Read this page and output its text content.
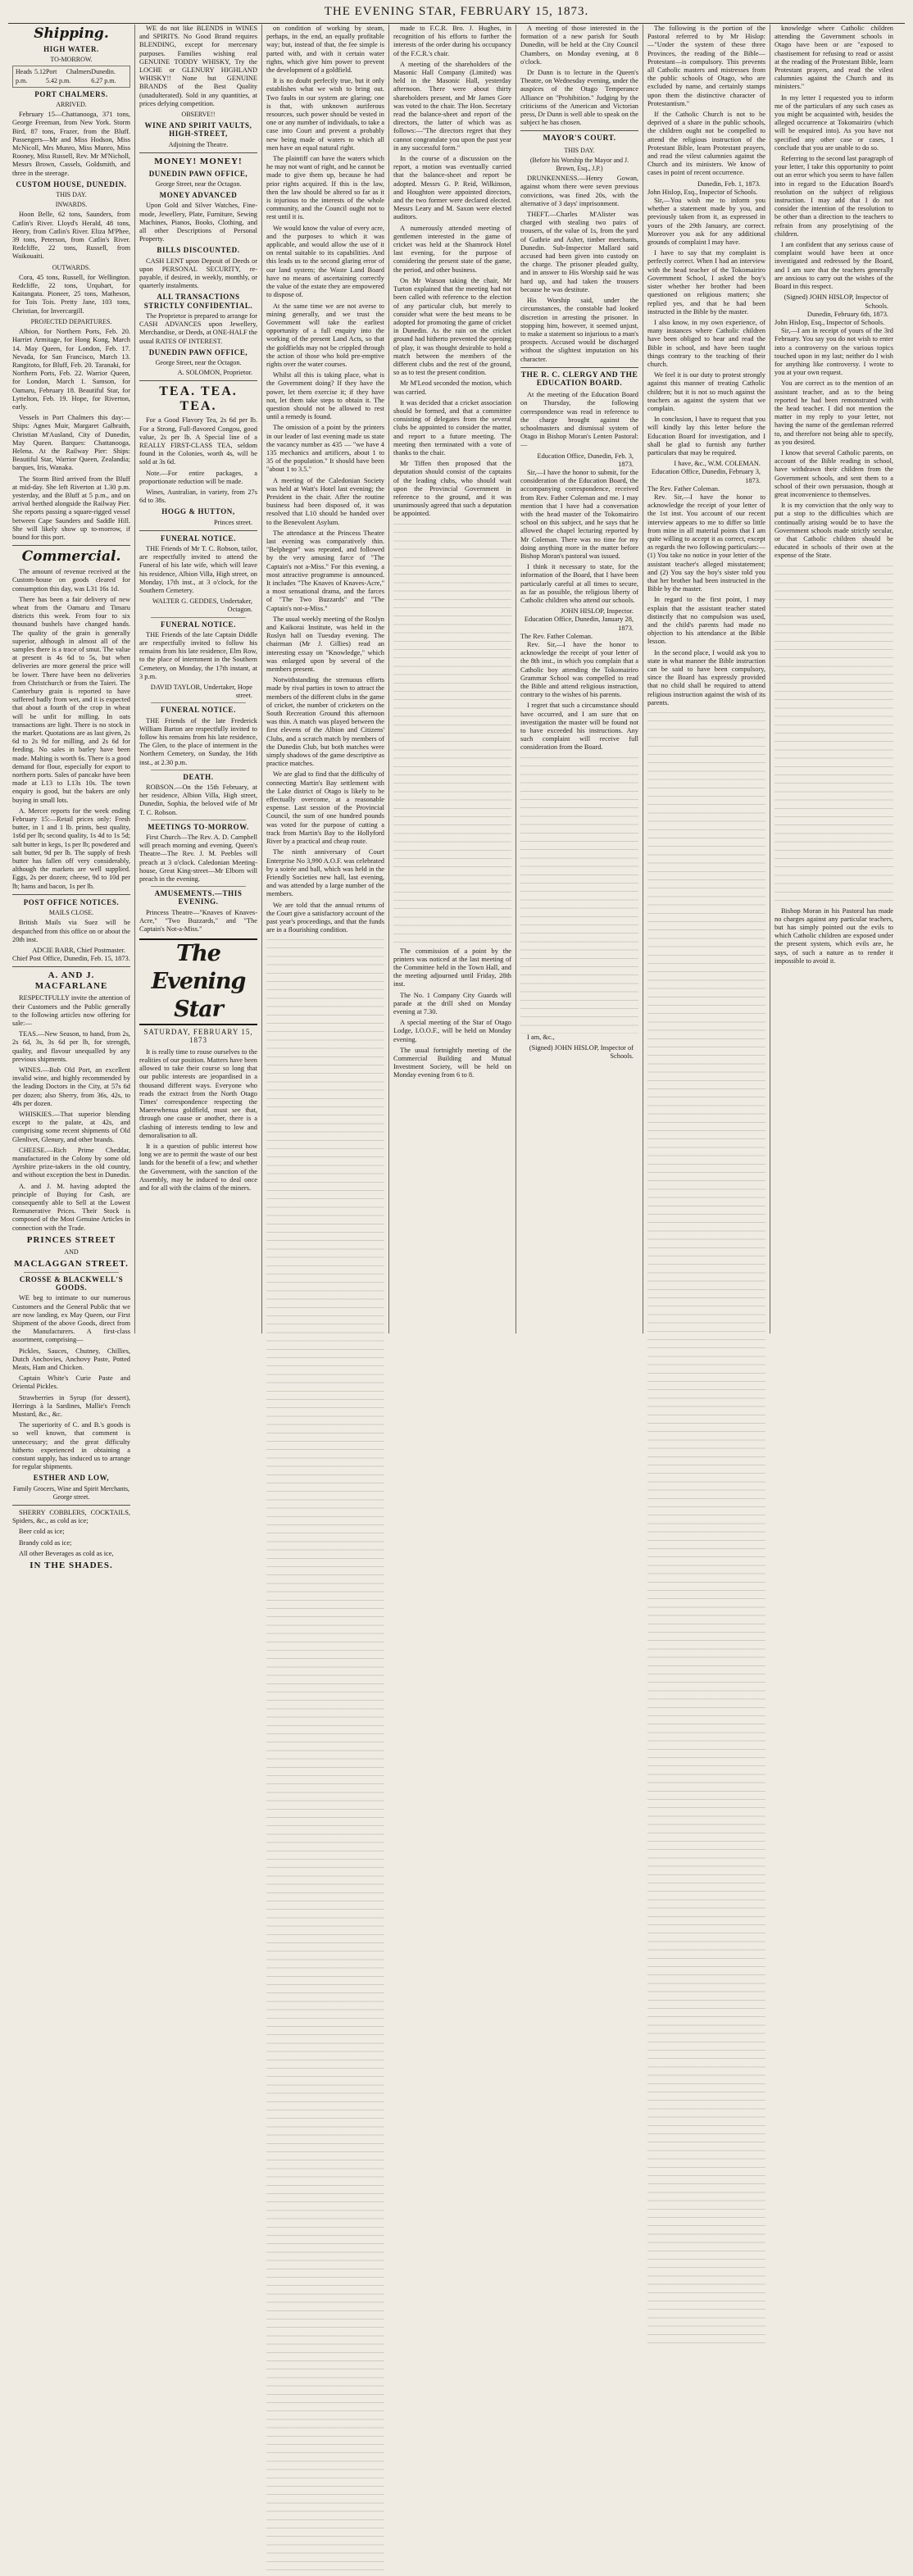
THE EVENING STAR, FEBRUARY 15, 1873.
Shipping.
HIGH WATER.
TO-MORROW.
Heads 5.12 p.m.
Port Chalmers 5.42 p.m.
Dunedin. 6.27 p.m.
PORT CHALMERS.
ARRIVED.

February 15—Chattanooga, 371 tons, George Freeman, from New York. Storm Bird, 87 tons, Frazer, from the Bluff. Passengers—Mr and Miss Hodson, Miss McNicoll, Mrs Munro, Miss Munro, Miss Rooney, Miss Russell, Rev. Mr M'Nicholl, Messrs Brown, Cassels, Goldsmith, and three in the steerage.

CUSTOM HOUSE, DUNEDIN.
THIS DAY.
INWARDS.

Hoon Belle, 62 tons, Saunders, from Catlin's River. Lloyd's Herald, 48 tons, Henry, from Catlin's River. Eliza M'Phee, 39 tons, Peterson, from Catlin's River. Redcliffe, 22 tons, Russell, from Waikouaiti.

OUTWARDS.

Cora, 45 tons, Russell, for Wellington. Redcliffe, 22 tons, Urquhart, for Kaitangata. Pioneer, 25 tons, Matheson, for Tois Tois. Pretty Jane, 103 tons, Christian, for Invercargill.

PROJECTED DEPARTURES.

Albion, for Northern Ports, Feb. 20. Harriet Armitage, for Hong Kong, March 14. May Queen, for London, Feb. 17. Nevada, for San Francisco, March 13. Rangitoto, for Bluff, Feb. 20. Taranaki, for Northern Ports, Feb. 22. Warrior Queen, for London, March 1. Samson, for Oamaru, February 18. Beautiful Star, for Lyttelton, Feb. 19. Hope, for Riverton, early.

Vessels in Port Chalmers this day:—Ships: Agnes Muir, Margaret Galbraith, Christian M'Ausland, City of Dunedin, May Queen. Barques: Chattanooga, Helena. At the Railway Pier: Ships: Beautiful Star, Warrior Queen, Zealandia; barques, Iris, Wanaka.

The Storm Bird arrived from the Bluff at mid-day. She left Riverton at 1.30 p.m. yesterday, and the Bluff at 5 p.m., and on arrival berthed alongside the Railway Pier. She reports passing a square-rigged vessel between Cape Saunders and Saddle Hill. She will likely show up to-morrow, if bound for this port.

Commercial.

The amount of revenue received at the Custom-house on goods cleared for consumption this day, was L31 16s 1d.

There has been a fair delivery of new wheat from the Oamaru and Timaru districts this week. From four to six thousand bushels have changed hands. The quality of the grain is generally superior, although in almost all of the samples there is a trace of smut. The value at present is 4s 6d to 5s, but when deliveries are more general the price will be lower. There have been no deliveries from Christchurch or from the Taieri. The Canterbury grain is reported to have suffered badly from wet, and it is expected that about a fourth of the crop in wheat will be unfit for milling. In oats transactions are light. There is no stock in the market. Quotations are as last given, 2s 6d to 2s 9d for milling, and 2s 6d for feeding. No sales in barley have been made. Malting is worth 6s. There is a good demand for flour, especially for export to northern ports. Sales of pancake have been made at L13 to L13s 10s. The town enquiry is good, but the bakers are only buying in small lots.

A. Mercer reports for the week ending February 15:—Retail prices only: Fresh butter, in 1 and 1 lb. prints, best quality, 1s6d per lb; second quality, 1s 4d to 1s 5d; salt butter in kegs, 1s per lb; powdered and salt butter, 9d per lb. The supply of fresh butter has fallen off very considerably, although the markets are well supplied. Eggs, 2s per dozen; cheese, 9d to 10d per lb; hams and bacon, 1s per lb.

POST OFFICE NOTICES.
MAILS CLOSE.

British Mails via Suez will be despatched from this office on or about the 20th inst.

ADCIE BARR, Chief Postmaster.
Chief Post Office, Dunedin, Feb. 15, 1873.
A. AND J. MACFARLANE

RESPECTFULLY invite the attention of their Customers and the Public generally to the following articles now offering for sale:—

TEAS.—New Season, to hand, from 2s, 2s 6d, 3s, 3s 6d per lb, for strength, quality, and flavour unequalled by any previous shipments.

WINES.—Bob Old Port, an excellent invalid wine, and highly recommended by the leading Doctors in the City, at 57s 6d per dozen; also Sherry, from 36s, 42s, to 48s per dozen.

WHISKIES.—That superior blending except to the palate, at 42s, and comprising some recent shipments of Old Glenlivet, Glenury, and other brands.

CHEESE.—Rich Prime Cheddar, manufactured in the Colony by some old Ayrshire prize-takers in the old country, and without exception the best in Dunedin.

A. and J. M. having adopted the principle of Buying for Cash, are consequently able to Sell at the Lowest Remunerative Prices. Their Stock is composed of the Most Genuine Articles in connection with the Trade.

PRINCES STREET
AND
MACLAGGAN STREET.
CROSSE & BLACKWELL'S GOODS.

WE beg to intimate to our numerous Customers and the General Public that we are now landing, ex May Queen, our First Shipment of the above Goods, direct from the Manufacturers. A first-class assortment, comprising—

Pickles, Sauces, Chutney, Chillies, Dutch Anchovies, Anchovy Paste, Potted Meats, Ham and Chicken.

Captain White's Curie Paste and Oriental Pickles.

Strawberries in Syrup (for dessert), Herrings à la Sardines, Mallie's French Mustard, &c., &c.

The superiority of C. and B.'s goods is so well known, that comment is unnecessary; and the great difficulty hitherto experienced in obtaining a constant supply, has induced us to arrange for regular shipments.

ESTHER AND LOW,
Family Grocers, Wine and Spirit Merchants, George street.

SHERRY COBBLERS, COCKTAILS, Spiders, &c., as cold as ice;

Beer cold as ice;

Brandy cold as ice;

All other Beverages as cold as ice,

IN THE SHADES.

WE do not like BLENDS in WINES and SPIRITS. No Good Brand requires BLENDING, except for mercenary purposes. Families wishing real GENUINE TODDY WHISKY, Try the LOCHE or GLENURY HIGHLAND WHISKY!! None but GENUINE BRANDS of the Best Quality (unadulterated). Sold in any quantities, at prices defying competition.

OBSERVE!!
WINE AND SPIRIT VAULTS, HIGH-STREET,
Adjoining the Theatre.
MONEY! MONEY!
DUNEDIN PAWN OFFICE,
George Street, near the Octagon.
MONEY ADVANCED

Upon Gold and Silver Watches, Fine-mode, Jewellery, Plate, Furniture, Sewing Machines, Pianos, Books, Clothing, and all other Descriptions of Personal Property.

BILLS DISCOUNTED.

CASH LENT upon Deposit of Deeds or upon PERSONAL SECURITY, re-payable, if desired, in weekly, monthly, or quarterly instalments.

ALL TRANSACTIONS STRICTLY CONFIDENTIAL.

The Proprietor is prepared to arrange for CASH ADVANCES upon Jewellery, Merchandise, or Deeds, at ONE-HALF the usual RATES OF INTEREST.

DUNEDIN PAWN OFFICE,
George Street, near the Octagon.
A. SOLOMON, Proprietor.
TEA. TEA. TEA.

For a Good Flavory Tea, 2s 6d per lb. For a Strong, Full-flavored Congou, good value, 2s per lb. A Special line of a REALLY FIRST-CLASS TEA, seldom found in the Colonies, worth 4s, will be sold at 3s 6d.

Note.—For entire packages, a proportionate reduction will be made.

Wines, Australian, in variety, from 27s 6d to 38s.

HOGG & HUTTON,
Princes street.
FUNERAL NOTICE.

THE Friends of Mr T. C. Robson, tailor, are respectfully invited to attend the Funeral of his late wife, which will leave his residence, Albion Villa, High street, on Monday, 17th inst., at 3 o'clock, for the Southern Cemetery.

WALTER G. GEDDES, Undertaker, Octagon.
FUNERAL NOTICE.

THE Friends of the late Captain Diddle are respectfully invited to follow his remains from his late residence, Elm Row, to the place of internment in the Southern Cemetery, on Monday, the 17th instant, at 3 p.m.

DAVID TAYLOR, Undertaker, Hope street.
FUNERAL NOTICE.

THE Friends of the late Frederick William Barton are respectfully invited to follow his remains from his late residence, The Glen, to the place of interment in the Northern Cemetery, on Sunday, the 16th inst., at 2.30 p.m.

DEATH.

ROBSON.—On the 15th February, at her residence, Albion Villa, High street, Dunedin, Sophia, the beloved wife of Mr T. C. Robson.

MEETINGS TO-MORROW.

First Church—The Rev. A. D. Campbell will preach morning and evening. Queen's Theatre—The Rev. J. M. Peebles will preach at 3 o'clock. Caledonian Meeting-house, Great King-street—Mr Elborn will preach in the evening.

AMUSEMENTS.—THIS EVENING.

Princess Theatre—"Knaves of Knaves-Acre," "Two Buzzards," and "The Captain's Not-a-Miss."

The Evening Star
SATURDAY, FEBRUARY 15, 1873

It is really time to rouse ourselves to the realities of our position. Matters have been allowed to take their course so long that our public interests are jeopardised in a thousand different ways. Everyone who reads the extract from the North Otago Times' correspondence respecting the Maerewhenua goldfield, must see that, through one cause or another, there is a clashing of interests tending to low and demoralisation to all.

It is a question of public interest how long we are to permit the waste of our best lands for the benefit of a few; and whether the Government, with the sanction of the Assembly, may be induced to deal once and for all with the claims of the miners.

on condition of working by steam, perhaps, in the end, an equally profitable way; but, instead of that, the fee simple is parted with, and with it certain water rights, which give him power to prevent the development of a goldfield.

It is no doubt perfectly true, but it only establishes what we wish to bring out. Two faults in our system are glaring; one is that, with unknown auriferous resources, such power should be vested in one or any number of individuals, to take a case into Court and prevent a probably new being made of waters to which all men have an equal natural right.

The plaintiff can have the waters which he may not want of right, and he cannot be made to give them up, because he had prior rights acquired. If this is the law, then the law should be altered so far as it is injurious to the interests of the whole community, and the Council ought not to rest until it is.

We would know the value of every acre, and the purposes to which it was applicable, and would allow the use of it on rental suitable to its capabilities. And this leads us to the second glaring error of our land system; the Waste Land Board have no means of ascertaining correctly the value of the estate they are empowered to dispose of.

At the same time we are not averse to mining generally, and we trust the Government will take the earliest opportunity of a full enquiry into the working of the present Land Acts, so that the goldfields may not be crippled through the action of those who hold pre-emptive rights over the water courses.

Whilst all this is taking place, what is the Government doing? If they have the power, let them exercise it; if they have not, let them take steps to obtain it. The question should not be allowed to rest until a remedy is found.

The omission of a point by the printers in our leader of last evening made us state the vacancy number as 435 — "we have 4 135 mechanics and artificers, about 1 to 35 of the population." It should have been "about 1 to 3.5."

A meeting of the Caledonian Society was held at Watt's Hotel last evening; the President in the chair. After the routine business had been disposed of, it was resolved that L10 should be handed over to the Benevolent Asylum.

The attendance at the Princess Theatre last evening was comparatively thin. "Belphegor" was repeated, and followed by the very amusing farce of "The Captain's not a-Miss." For this evening, a most attractive programme is announced. It includes "The Knaves of Knaves-Acre," a most sensational drama, and the farces of "The Two Buzzards" and "The Captain's not-a-Miss."

The usual weekly meeting of the Roslyn and Kaikorai Institute, was held in the Roslyn hall on Tuesday evening. The chairman (Mr J. Gillies) read an interesting essay on "Knowledge," which was enlarged upon by several of the members present.

Notwithstanding the strenuous efforts made by rival parties in town to attract the members of the different clubs in the game of cricket, the number of cricketers on the South Recreation Ground this afternoon was thin. A match was played between the first elevens of the Albion and Citizens' Clubs, and a scratch match by members of the Dunedin Club, but both matches were simply shadows of the game descriptive as practice matches.

We are glad to find that the difficulty of connecting Martin's Bay settlement with the Lake district of Otago is likely to be effectually overcome, at a reasonable expense. Last session of the Provincial Council, the sum of one hundred pounds was voted for the purpose of cutting a track from Martin's Bay to the Hollyford River by a practical and cheap route.

The ninth anniversary of Court Enterprise No 3,990 A.O.F. was celebrated by a soirée and ball, which was held in the Friendly Societies new hall, last evening, and was attended by a large number of the members.

We are told that the annual returns of the Court give a satisfactory account of the past year's proceedings, and that the funds are in a flourishing condition.

made to F.C.R. Bro. J. Hughes, in recognition of his efforts to further the interests of the order during his occupancy of the F.C.R.'s chair.

A meeting of the shareholders of the Masonic Hall Company (Limited) was held in the Masonic Hall, yesterday afternoon. There were about thirty shareholders present, and Mr James Gore was voted to the chair. The Hon. Secretary read the balance-sheet and report of the directors, the latter of which was as follows:—"The directors regret that they cannot congratulate you upon the past year in any successful form."

In the course of a discussion on the report, a motion was eventually carried that the balance-sheet and report be adopted. Messrs G. P. Reid, Wilkinson, and Houghton were appointed directors, and the two former were declared elected. Messrs Leary and M. Saxon were elected auditors.

A numerously attended meeting of gentlemen interested in the game of cricket was held at the Shamrock Hotel last evening, for the purpose of considering the present state of the game, the period, and other business.

On Mr Watson taking the chair, Mr Turton explained that the meeting had not been called with reference to the election of any particular club, but merely to consider what were the best means to be adopted for promoting the game of cricket in Dunedin. As the rain on the cricket ground had hitherto prevented the opening of play, it was thought desirable to hold a match between the members of the different clubs and the rest of the ground, so as to test the present condition.

Mr M'Leod seconded the motion, which was carried.

It was decided that a cricket association should be formed, and that a committee consisting of delegates from the several clubs be appointed to consider the matter, and report to a future meeting. The meeting then terminated with a vote of thanks to the chair.

Mr Tiffen then proposed that the deputation should consist of the captains of the leading clubs, who should wait upon the Provincial Government in reference to the ground, and it was unanimously agreed that such a deputation be appointed.

The commission of a point by the printers was noticed at the last meeting of the Committee held in the Town Hall, and the meeting adjourned until Friday, 28th inst.

The No. 1 Company City Guards will parade at the drill shed on Monday evening at 7.30.

A special meeting of the Star of Otago Lodge, I.O.O.F., will be held on Monday evening.

The usual fortnightly meeting of the Commercial Building and Mutual Investment Society, will be held on Monday evening from 6 to 8.

A meeting of those interested in the formation of a new parish for South Dunedin, will be held at the City Council Chambers, on Monday evening, at 8 o'clock.

Dr Dunn is to lecture in the Queen's Theatre, on Wednesday evening, under the auspices of the Otago Temperance Alliance on "Prohibition." Judging by the criticisms of the American and Victorian press, Dr Dunn is well able to speak on the subject he has chosen.

MAYOR'S COURT.
THIS DAY.
(Before his Worship the Mayor and J. Brown, Esq., J.P.)

DRUNKENNESS.—Henry Gowan, against whom there were seven previous convictions, was fined 20s, with the alternative of 3 days' imprisonment.

THEFT.—Charles M'Alister was charged with stealing two pairs of trousers, of the value of 1s, from the yard of Guthrie and Asher, timber merchants, Dunedin. Sub-Inspector Mallard said accused had been given into custody on the charge. The prisoner pleaded guilty, and in answer to His Worship said he was hard up, and had taken the trousers because he was destitute.

His Worship said, under the circumstances, the constable had looked discretion in arresting the prisoner. In stopping him, however, it seemed unjust, to make a statement so injurious to a man's prospects. Accused would be discharged without the slightest imputation on his character.

THE R. C. CLERGY AND THE EDUCATION BOARD.

At the meeting of the Education Board on Thursday, the following correspondence was read in reference to the charge brought against the schoolmasters and dismissal system of Otago in Bishop Moran's Lenten Pastoral:—

Education Office, Dunedin, Feb. 3, 1873.

Sir,—I have the honor to submit, for the consideration of the Education Board, the accompanying correspondence, received from Rev. Father Coleman and me. I may mention that I have had a conversation with the head master of the Tokomairiro school on this subject, and he says that he allowed the chapel lecturing reported by Mr Coleman. There was no time for my doing anything more in the matter before Bishop Moran's pastoral was issued.

I think it necessary to state, for the information of the Board, that I have been particularly careful at all times to secure, as far as possible, the religious liberty of Catholic children who attend our schools.

JOHN HISLOP, Inspector.
Education Office, Dunedin, January 28, 1873.
The Rev. Father Coleman.

Rev. Sir,—I have the honor to acknowledge the receipt of your letter of the 8th inst., in which you complain that a Catholic boy attending the Tokomairiro Grammar School was compelled to read the Bible and attend religious instruction, contrary to the wishes of his parents.

I regret that such a circumstance should have occurred, and I am sure that on investigation the master will be found not to have exceeded his instructions. Any such complaint will receive full consideration from the Board.

I am, &c.,

(Signed) JOHN HISLOP, Inspector of Schools.

The following is the portion of the Pastoral referred to by Mr Hislop:—"Under the system of these three Provinces, the reading of the Bible—Protestant—is compulsory. This prevents all Catholic masters and mistresses from the public schools of Otago, who are excluded by name, and certainly stamps upon them the distinctive character of Protestantism."

If the Catholic Church is not to be deprived of a share in the public schools, the children ought not be compelled to attend the religious instruction of the Protestant Bible, learn Protestant prayers, and read the vilest calumnies against the Church and its ministers. We know of cases in point of recent occurrence.

Dunedin, Feb. 1, 1873.
John Hislop, Esq., Inspector of Schools.

Sir,—You wish me to inform you whether a statement made by you, and previously taken from it, as expressed in yours of the 29th January, are correct. Moreover you ask for any additional grounds of complaint I may have.

I have to say that my complaint is perfectly correct. When I had an interview with the head teacher of the Tokomairiro Government School, I asked the boy's sister whether her brother had been questioned on religious matters; she replied yes, and that he had been instructed in the Bible by the master.

I also know, in my own experience, of many instances where Catholic children have been obliged to hear and read the Bible in school, and have been taught things contrary to the teaching of their church.

We feel it is our duty to protest strongly against this manner of treating Catholic children; but it is not so much against the teachers as against the system that we complain.

In conclusion, I have to request that you will kindly lay this letter before the Education Board for investigation, and I shall be glad to furnish any further particulars that may be required.

I have, &c., W.M. COLEMAN.
Education Office, Dunedin, February 3, 1873.
The Rev. Father Coleman.

Rev. Sir,—I have the honor to acknowledge the receipt of your letter of the 1st inst. You account of our recent interview appears to me to differ so little from mine in all material points that I am quite willing to accept it as correct, except as regards the two following particulars:—(1) You take no notice in your letter of the assistant teacher's alleged misstatement; and (2) You say the boy's sister told you that her brother had been instructed in the Bible by the master.

In regard to the first point, I may explain that the assistant teacher stated distinctly that no compulsion was used, and the child's parents had made no objection to his attendance at the Bible lesson.

In the second place, I would ask you to state in what manner the Bible instruction can be said to have been compulsory, since the Board has expressly provided that no child shall be required to attend religious instruction against the wish of its parents.

knowledge where Catholic children attending the Government schools in Otago have been or are "exposed to chastisement for refusing to read or assist at the reading of the Protestant Bible, learn Protestant prayers, and read the vilest calumnies against the Church and its ministers."

In my letter I requested you to inform me of the particulars of any such cases as you might be acquainted with, besides the alleged occurrence at Tokomairiro (which will be enquired into). As you have not specified any other case or cases, I conclude that you are unable to do so.

Referring to the second last paragraph of your letter, I take this opportunity to point out an error which you seem to have fallen into in regard to the Education Board's resolution on the subject of religious instruction. I may add that I do not consider the intention of the resolution to be other than a direction to the teachers to refrain from any proselytising of the children.

I am confident that any serious cause of complaint would have been at once investigated and redressed by the Board, and I am sure that the teachers generally are anxious to carry out the wishes of the Board in this respect.

(Signed) JOHN HISLOP, Inspector of Schools.
Dunedin, February 6th, 1873.
John Hislop, Esq., Inspector of Schools.

Sir,—I am in receipt of yours of the 3rd February. You say you do not wish to enter into a controversy on the various topics touched upon in my last; neither do I wish for anything like controversy. I wrote to you at your own request.

You are correct as to the mention of an assistant teacher, and as to the being reported he had been remonstrated with the head teacher. I did not mention the matter in my reply to your letter, not having the name of the gentleman referred to, and therefore not being able to specify, as you desired.

I know that several Catholic parents, on account of the Bible reading in school, have withdrawn their children from the Government schools, and sent them to a school of their own persuasion, though at great inconvenience to themselves.

It is my conviction that the only way to put a stop to the difficulties which are continually arising would be to have the Government schools made strictly secular, or that Catholic children should be educated in schools of their own at the expense of the State.

Bishop Moran in his Pastoral has made no charges against any particular teachers, but has simply pointed out the evils to which Catholic children are exposed under the present system, which evils are, he says, of such a nature as to render it impossible to avoid it.
